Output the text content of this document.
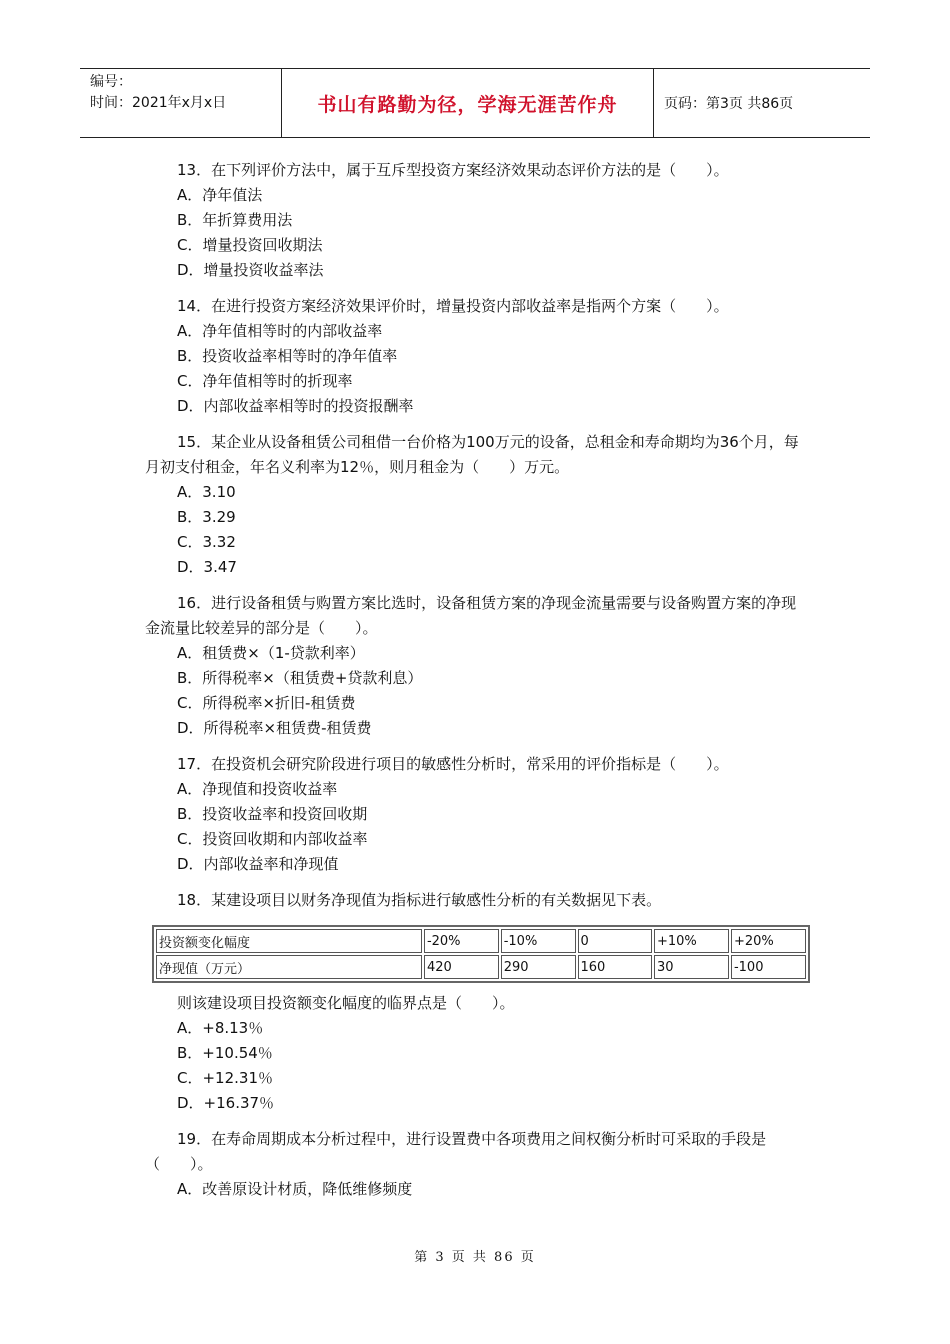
编号：
时间：2021年x月x日	书山有路勤为径，学海无涯苦作舟	页码：第3页 共86页
13．在下列评价方法中，属于互斥型投资方案经济效果动态评价方法的是（　　）。
A．净年值法
B．年折算费用法
C．增量投资回收期法
D．增量投资收益率法
14．在进行投资方案经济效果评价时，增量投资内部收益率是指两个方案（　　）。
A．净年值相等时的内部收益率
B．投资收益率相等时的净年值率
C．净年值相等时的折现率
D．内部收益率相等时的投资报酬率
15．某企业从设备租赁公司租借一台价格为100万元的设备，总租金和寿命期均为36个月，每月初支付租金，年名义利率为12％，则月租金为（　　）万元。
A．3.10
B．3.29
C．3.32
D．3.47
16．进行设备租赁与购置方案比选时，设备租赁方案的净现金流量需要与设备购置方案的净现金流量比较差异的部分是（　　）。
A．租赁费×（1-贷款利率）
B．所得税率×（租赁费+贷款利息）
C．所得税率×折旧-租赁费
D．所得税率×租赁费-租赁费
17．在投资机会研究阶段进行项目的敏感性分析时，常采用的评价指标是（　　）。
A．净现值和投资收益率
B．投资收益率和投资回收期
C．投资回收期和内部收益率
D．内部收益率和净现值
18．某建设项目以财务净现值为指标进行敏感性分析的有关数据见下表。
投资额变化幅度	-20%	-10%	0	+10%	+20%
净现值（万元）	420	290	160	30	-100
则该建设项目投资额变化幅度的临界点是（　　）。
A．+8.13％
B．+10.54％
C．+12.31％
D．+16.37％
19．在寿命周期成本分析过程中，进行设置费中各项费用之间权衡分析时可采取的手段是（　　）。
A．改善原设计材质，降低维修频度
第 3 页 共 86 页
